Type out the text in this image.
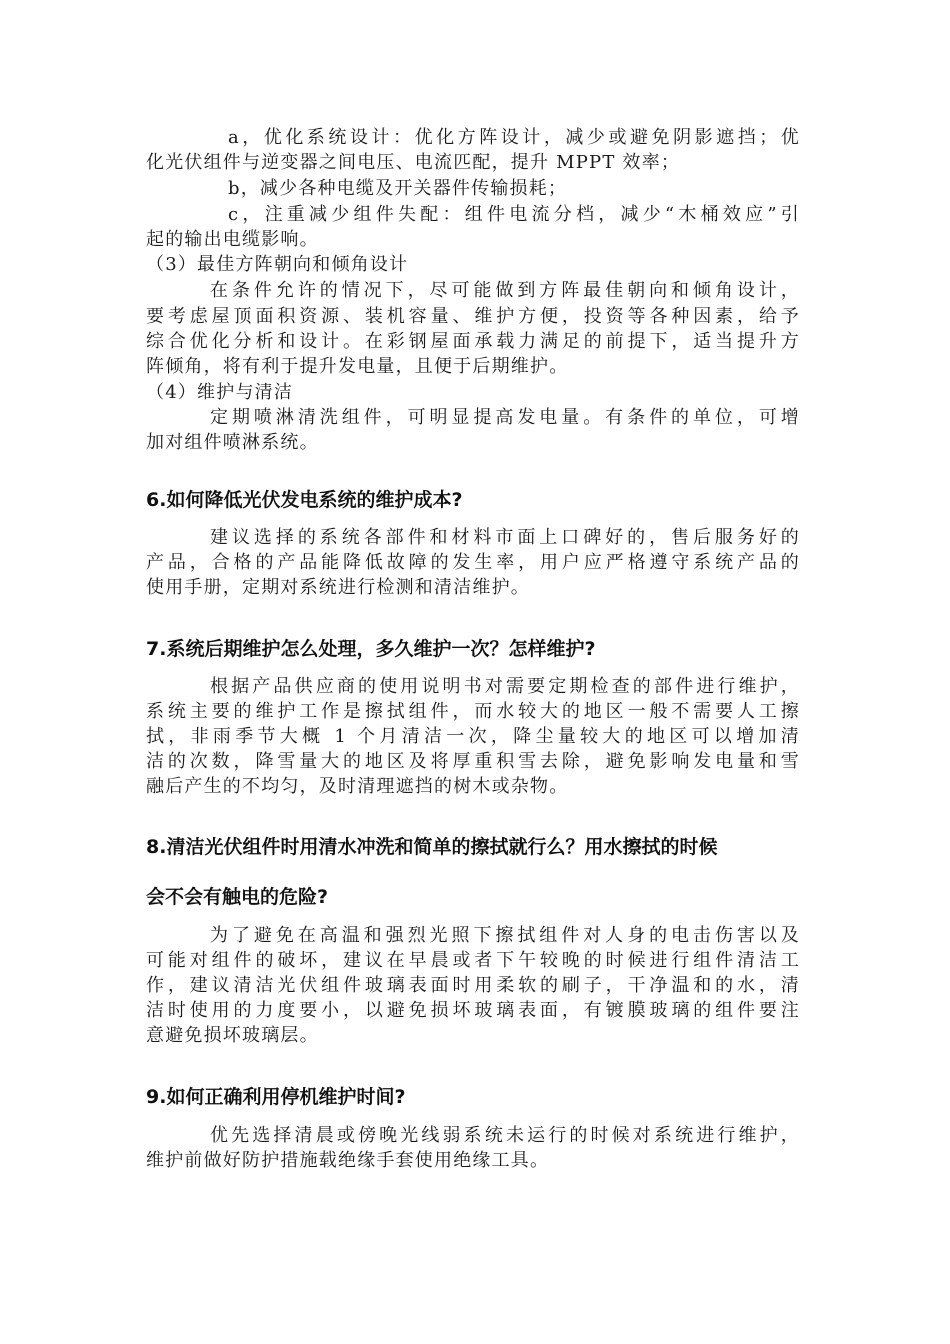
a，优化系统设计：优化方阵设计，减少或避免阴影遮挡；优
化光伏组件与逆变器之间电压、电流匹配，提升 MPPT 效率；
b，减少各种电缆及开关器件传输损耗；
c，注重减少组件失配：组件电流分档，减少“木桶效应”引
起的输出电缆影响。
（3）最佳方阵朝向和倾角设计
在条件允许的情况下，尽可能做到方阵最佳朝向和倾角设计，
要考虑屋顶面积资源、装机容量、维护方便，投资等各种因素，给予
综合优化分析和设计。在彩钢屋面承载力满足的前提下，适当提升方
阵倾角，将有利于提升发电量，且便于后期维护。
（4）维护与清洁
定期喷淋清洗组件，可明显提高发电量。有条件的单位，可增
加对组件喷淋系统。
6.如何降低光伏发电系统的维护成本?
建议选择的系统各部件和材料市面上口碑好的，售后服务好的
产品，合格的产品能降低故障的发生率，用户应严格遵守系统产品的
使用手册，定期对系统进行检测和清洁维护。
7.系统后期维护怎么处理，多久维护一次？怎样维护?
根据产品供应商的使用说明书对需要定期检查的部件进行维护，
系统主要的维护工作是擦拭组件，而水较大的地区一般不需要人工擦
拭，非雨季节大概 1 个月清洁一次，降尘量较大的地区可以增加清
洁的次数，降雪量大的地区及将厚重积雪去除，避免影响发电量和雪
融后产生的不均匀，及时清理遮挡的树木或杂物。
8.清洁光伏组件时用清水冲洗和简单的擦拭就行么？用水擦拭的时候
会不会有触电的危险?
为了避免在高温和强烈光照下擦拭组件对人身的电击伤害以及
可能对组件的破坏，建议在早晨或者下午较晚的时候进行组件清洁工
作，建议清洁光伏组件玻璃表面时用柔软的刷子，干净温和的水，清
洁时使用的力度要小，以避免损坏玻璃表面，有镀膜玻璃的组件要注
意避免损坏玻璃层。
9.如何正确利用停机维护时间?
优先选择清晨或傍晚光线弱系统未运行的时候对系统进行维护，
维护前做好防护措施载绝缘手套使用绝缘工具。
